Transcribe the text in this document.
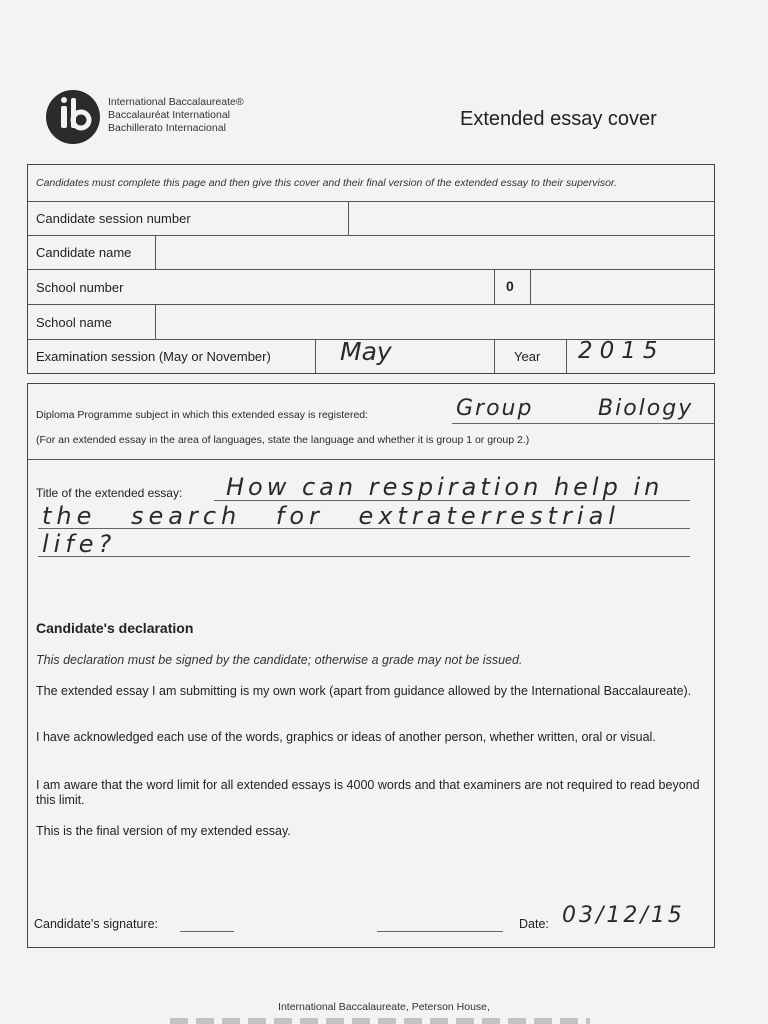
International Baccalaureate®
Baccalauréat International
Bachillerato Internacional	Extended essay cover
Candidates must complete this page and then give this cover and their final version of the extended essay to their supervisor.
Candidate session number
Candidate name
School number	0
School name
Examination session (May or November)	May	Year 2015
Diploma Programme subject in which this extended essay is registered:	Group	Biology
(For an extended essay in the area of languages, state the language and whether it is group 1 or group 2.)
Title of the extended essay: How can respiration help in
the search for extraterrestrial
life?
Candidate's declaration
This declaration must be signed by the candidate; otherwise a grade may not be issued.
The extended essay I am submitting is my own work (apart from guidance allowed by the International Baccalaureate).
I have acknowledged each use of the words, graphics or ideas of another person, whether written, oral or visual.
I am aware that the word limit for all extended essays is 4000 words and that examiners are not required to read beyond this limit.
This is the final version of my extended essay.
Candidate's signature:	Date: 03/12/15
International Baccalaureate, Peterson House,
